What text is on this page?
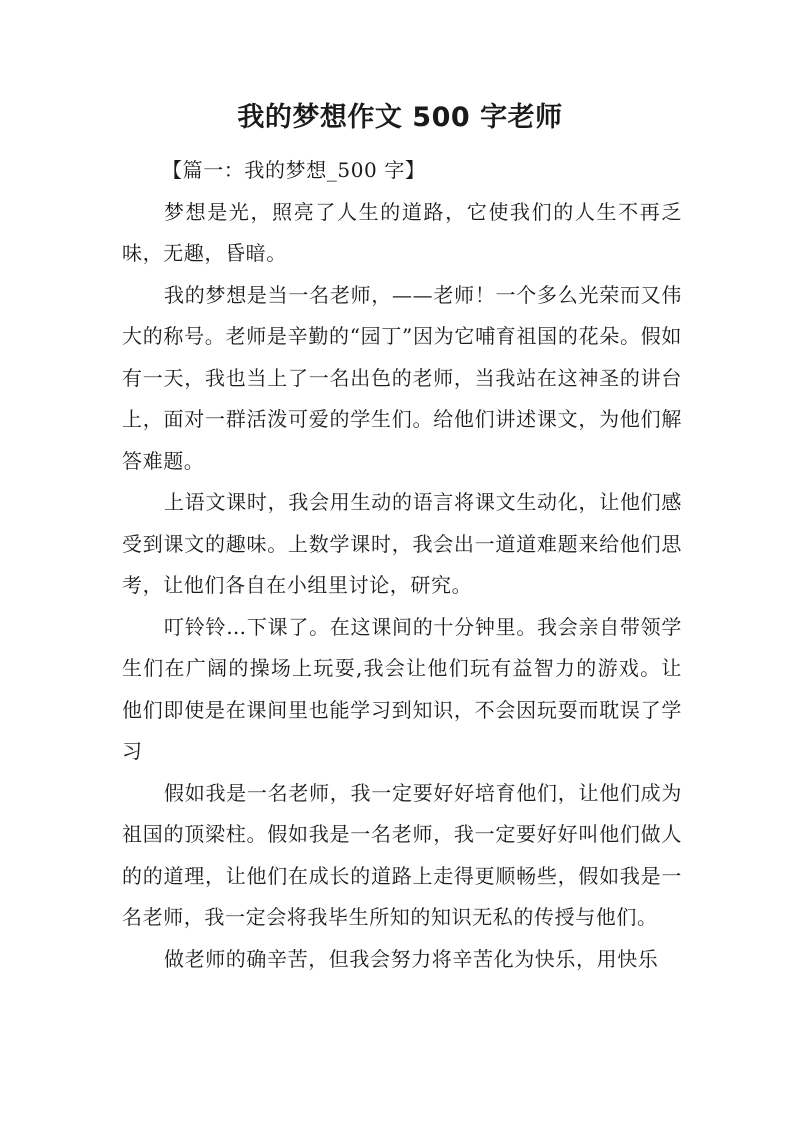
我的梦想作文 500 字老师

【篇一：我的梦想_500 字】

梦想是光，照亮了人生的道路，它使我们的人生不再乏味，无趣，昏暗。

我的梦想是当一名老师，——老师！一个多么光荣而又伟大的称号。老师是辛勤的“园丁”因为它哺育祖国的花朵。假如有一天，我也当上了一名出色的老师，当我站在这神圣的讲台上，面对一群活泼可爱的学生们。给他们讲述课文，为他们解答难题。

上语文课时，我会用生动的语言将课文生动化，让他们感受到课文的趣味。上数学课时，我会出一道道难题来给他们思考，让他们各自在小组里讨论，研究。

叮铃铃…下课了。在这课间的十分钟里。我会亲自带领学生们在广阔的操场上玩耍,我会让他们玩有益智力的游戏。让他们即使是在课间里也能学习到知识，不会因玩耍而耽误了学习

假如我是一名老师，我一定要好好培育他们，让他们成为祖国的顶梁柱。假如我是一名老师，我一定要好好叫他们做人的的道理，让他们在成长的道路上走得更顺畅些，假如我是一名老师，我一定会将我毕生所知的知识无私的传授与他们。

做老师的确辛苦，但我会努力将辛苦化为快乐，用快乐
